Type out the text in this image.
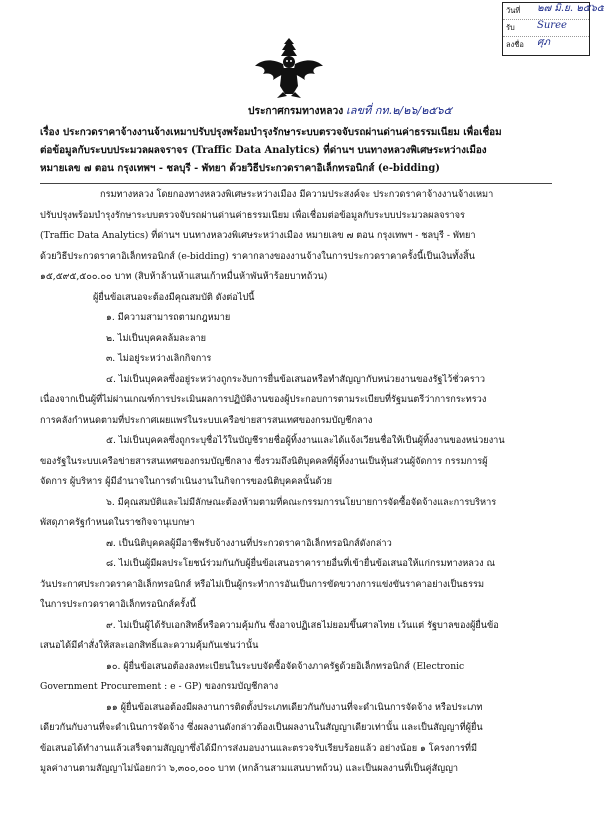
วันที่ ๒๗ มิ.ย. ๒๕๖๕
รับ Suree
ลงชื่อ ศุภ
ประกาศกรมทางหลวง เลขที่ กท.๒/๒๖/๒๕๖๕
เรื่อง ประกวดราคาจ้างงานจ้างเหมาปรับปรุงพร้อมบำรุงรักษาระบบตรวจจับรถผ่านด่านค่าธรรมเนียม เพื่อเชื่อม
ต่อข้อมูลกับระบบประมวลผลจราจร (Traffic Data Analytics) ที่ด่านฯ บนทางหลวงพิเศษระหว่างเมือง
หมายเลข ๗ ตอน กรุงเทพฯ - ชลบุรี - พัทยา ด้วยวิธีประกวดราคาอิเล็กทรอนิกส์ (e-bidding)
กรมทางหลวง โดยกองทางหลวงพิเศษระหว่างเมือง มีความประสงค์จะ ประกวดราคาจ้างงานจ้างเหมา
ปรับปรุงพร้อมบำรุงรักษาระบบตรวจจับรถผ่านด่านค่าธรรมเนียม เพื่อเชื่อมต่อข้อมูลกับระบบประมวลผลจราจร
(Traffic Data Analytics) ที่ด่านฯ บนทางหลวงพิเศษระหว่างเมือง หมายเลข ๗ ตอน กรุงเทพฯ - ชลบุรี - พัทยา
ด้วยวิธีประกวดราคาอิเล็กทรอนิกส์ (e-bidding) ราคากลางของงานจ้างในการประกวดราคาครั้งนี้เป็นเงินทั้งสิ้น
๑๕,๕๙๕,๕๐๐.๐๐ บาท (สิบห้าล้านห้าแสนเก้าหมื่นห้าพันห้าร้อยบาทถ้วน)
ผู้ยื่นข้อเสนอจะต้องมีคุณสมบัติ ดังต่อไปนี้
๑. มีความสามารถตามกฎหมาย
๒. ไม่เป็นบุคคลล้มละลาย
๓. ไม่อยู่ระหว่างเลิกกิจการ
๔. ไม่เป็นบุคคลซึ่งอยู่ระหว่างถูกระงับการยื่นข้อเสนอหรือทำสัญญากับหน่วยงานของรัฐไว้ชั่วคราว
เนื่องจากเป็นผู้ที่ไม่ผ่านเกณฑ์การประเมินผลการปฏิบัติงานของผู้ประกอบการตามระเบียบที่รัฐมนตรีว่าการกระทรวง
การคลังกำหนดตามที่ประกาศเผยแพร่ในระบบเครือข่ายสารสนเทศของกรมบัญชีกลาง
๕. ไม่เป็นบุคคลซึ่งถูกระบุชื่อไว้ในบัญชีรายชื่อผู้ทิ้งงานและได้แจ้งเวียนชื่อให้เป็นผู้ทิ้งงานของหน่วยงาน
ของรัฐในระบบเครือข่ายสารสนเทศของกรมบัญชีกลาง ซึ่งรวมถึงนิติบุคคลที่ผู้ทิ้งงานเป็นหุ้นส่วนผู้จัดการ กรรมการผู้
จัดการ ผู้บริหาร ผู้มีอำนาจในการดำเนินงานในกิจการของนิติบุคคลนั้นด้วย
๖. มีคุณสมบัติและไม่มีลักษณะต้องห้ามตามที่คณะกรรมการนโยบายการจัดซื้อจัดจ้างและการบริหาร
พัสดุภาครัฐกำหนดในราชกิจจานุเบกษา
๗. เป็นนิติบุคคลผู้มีอาชีพรับจ้างงานที่ประกวดราคาอิเล็กทรอนิกส์ดังกล่าว
๘. ไม่เป็นผู้มีผลประโยชน์ร่วมกันกับผู้ยื่นข้อเสนอราคารายอื่นที่เข้ายื่นข้อเสนอให้แก่กรมทางหลวง ณ
วันประกาศประกวดราคาอิเล็กทรอนิกส์ หรือไม่เป็นผู้กระทำการอันเป็นการขัดขวางการแข่งขันราคาอย่างเป็นธรรม
ในการประกวดราคาอิเล็กทรอนิกส์ครั้งนี้
๙. ไม่เป็นผู้ได้รับเอกสิทธิ์หรือความคุ้มกัน ซึ่งอาจปฏิเสธไม่ยอมขึ้นศาลไทย เว้นแต่ รัฐบาลของผู้ยื่นข้อ
เสนอได้มีคำสั่งให้สละเอกสิทธิ์และความคุ้มกันเช่นว่านั้น
๑๐. ผู้ยื่นข้อเสนอต้องลงทะเบียนในระบบจัดซื้อจัดจ้างภาครัฐด้วยอิเล็กทรอนิกส์ (Electronic
Government Procurement : e - GP) ของกรมบัญชีกลาง
๑๑ ผู้ยื่นข้อเสนอต้องมีผลงานการติดตั้งประเภทเดียวกันกับงานที่จะดำเนินการจัดจ้าง หรือประเภท
เดียวกันกับงานที่จะดำเนินการจัดจ้าง ซึ่งผลงานดังกล่าวต้องเป็นผลงานในสัญญาเดียวเท่านั้น และเป็นสัญญาที่ผู้ยื่น
ข้อเสนอได้ทำงานแล้วเสร็จตามสัญญาซึ่งได้มีการส่งมอบงานและตรวจรับเรียบร้อยแล้ว อย่างน้อย ๑ โครงการที่มี
มูลค่างานตามสัญญาไม่น้อยกว่า ๖,๓๐๐,๐๐๐ บาท (หกล้านสามแสนบาทถ้วน) และเป็นผลงานที่เป็นคู่สัญญา
